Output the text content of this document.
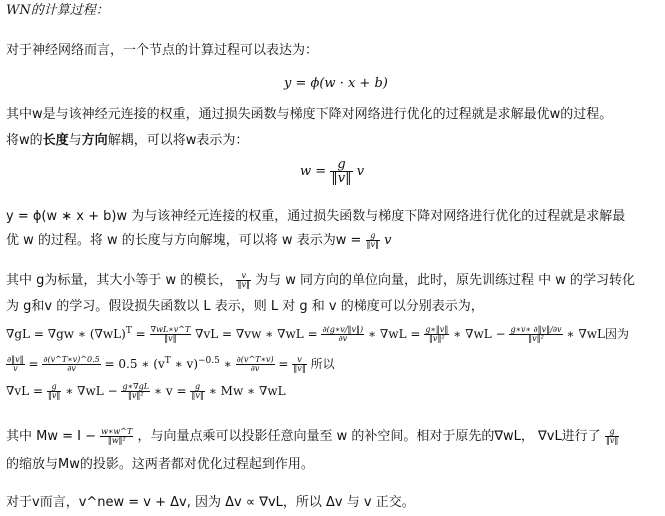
WN的计算过程：
对于神经网络而言，一个节点的计算过程可以表达为：
y = ϕ(w · x + b)
其中w是与该神经元连接的权重，通过损失函数与梯度下降对网络进行优化的过程就是求解最优w的过程。
将w的长度与方向解耦，可以将w表示为：
$w = \frac{g}{‖v‖}$ v
y = ϕ(w ∗ x + b)w 为与该神经元连接的权重，通过损失函数与梯度下降对网络进行优化的过程就是求解最
优 w 的过程。将 w 的长度与方向解塊，可以将 w 表示为$w = \frac{g}{‖v‖}$ v
其中 g为标量，其大小等于 w 的模长， $\frac{v}{‖v‖}$ 为与 w 同方向的单位向量，此时，原先训练过程 中 w 的学习转化
为 g和v 的学习。假设损失函数以 L 表示，则 L 对 g 和 v 的梯度可以分别表示为，
∇gL = ∇gw ∗ $(\nabla wL)^T = \frac{\nabla wL∗v\^{}T}{‖v‖} \nabla vL = \nabla vw$ ∗ $\nabla wL = \frac{\partial(g∗v/‖v‖)}{\partial v}$ ∗ $\nabla wL = \frac{g∗‖v‖}{\text{‖v‖²}}$ ∗ $\nabla wL - \frac{g∗v∗ \partial‖v‖/\partial v}{\text{‖v‖²}}$ ∗ ∇wL因为
$\frac{\partial‖v‖}{v} = \frac{\partial(v\^{}T∗v)\^{}0.5}{\partial v} = 0.5$ ∗ ($v^T$ ∗ v)$^{-0.5}$ ∗ $\frac{\partial(v\^{}T∗v)}{\partial v} = \frac{v}{‖v‖}$ 所以
$\nabla vL = \frac{g}{‖v‖}$ ∗ $\nabla wL - \frac{g∗\nabla gL}{\text{‖v‖²}}$ ∗ $v = \frac{g}{‖v‖}$ ∗ Mw ∗ ∇wL
其中 $Mw = I - \frac{w∗w\^{}T}{\text{‖w‖²}}$ ，与向量点乘可以投影任意向量至 w 的补空间。相对于原先的∇wL， ∇vL进行了 $\frac{g}{‖v‖}$
的缩放与Mw的投影。这两者都对优化过程起到作用。
对于v而言，v^new = v + Δv, 因为 Δv ∝ ∇vL，所以 Δv 与 v 正交。
